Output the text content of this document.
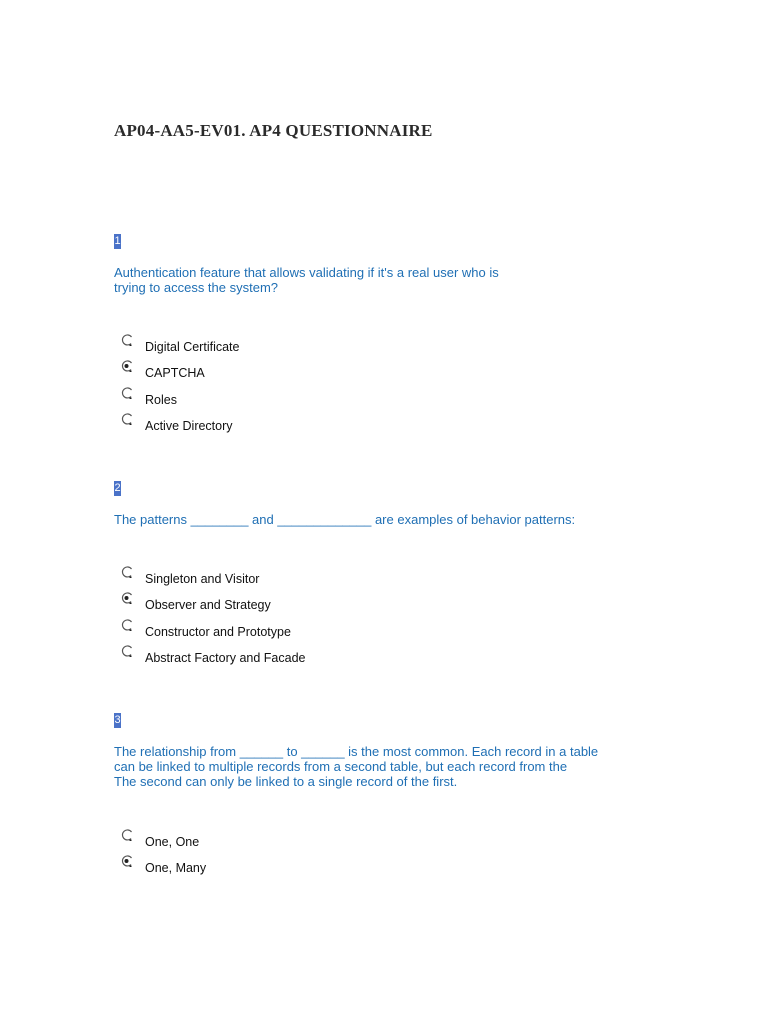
AP04-AA5-EV01. AP4 QUESTIONNAIRE
1

Authentication feature that allows validating if it's a real user who is
trying to access the system?

Digital Certificate
CAPTCHA
Roles
Active Directory
2

The patterns ________ and _____________ are examples of behavior patterns:

Singleton and Visitor
Observer and Strategy
Constructor and Prototype
Abstract Factory and Facade
3

The relationship from ______ to ______ is the most common. Each record in a table
can be linked to multiple records from a second table, but each record from the
The second can only be linked to a single record of the first.

One, One
One, Many
